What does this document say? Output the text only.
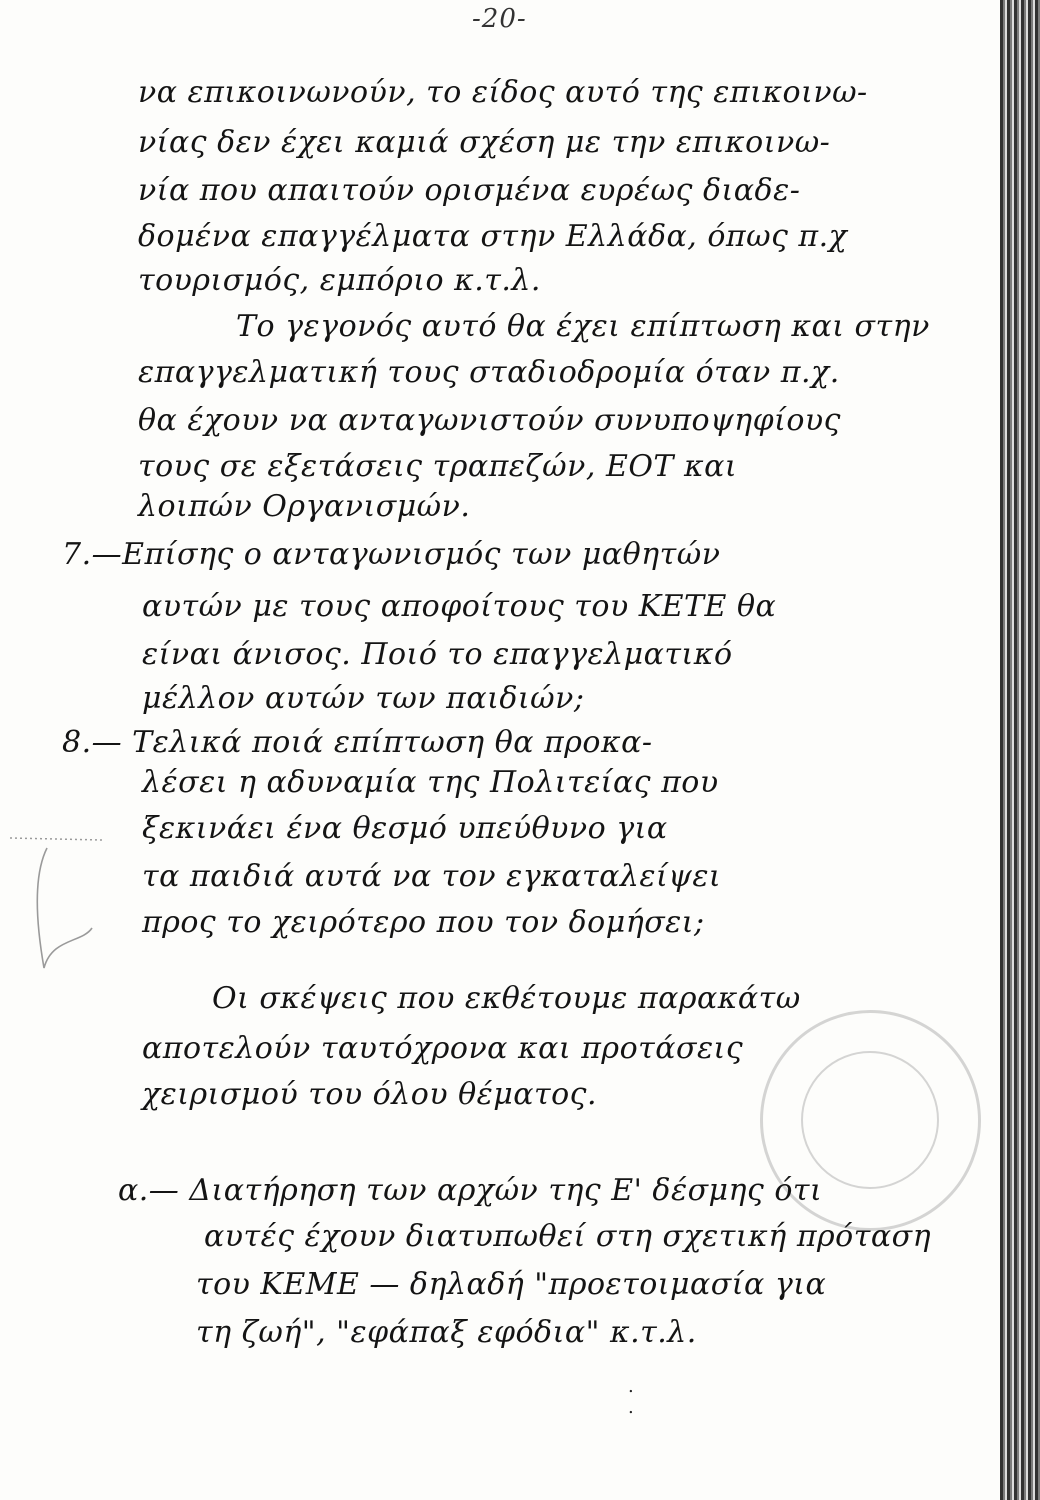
-20-
να επικοινωνούν, το είδος αυτό της επικοινω-
νίας δεν έχει καμιά σχέση με την επικοινω-
νία που απαιτούν ορισμένα ευρέως διαδε-
δομένα επαγγέλματα στην Ελλάδα, όπως π.χ
τουρισμός, εμπόριο κ.τ.λ.
Το γεγονός αυτό θα έχει επίπτωση και στην
επαγγελματική τους σταδιοδρομία όταν π.χ.
θα έχουν να ανταγωνιστούν συνυποψηφίους
τους σε εξετάσεις τραπεζών, ΕΟΤ και
λοιπών Οργανισμών.
7.—Επίσης ο ανταγωνισμός των μαθητών
αυτών με τους αποφοίτους του ΚΕΤΕ θα
είναι άνισος. Ποιό το επαγγελματικό
μέλλον αυτών των παιδιών;
8.— Τελικά ποιά επίπτωση θα προκα-
λέσει η αδυναμία της Πολιτείας που
ξεκινάει ένα θεσμό υπεύθυνο για
τα παιδιά αυτά να τον εγκαταλείψει
προς το χειρότερο που τον δομήσει;
Οι σκέψεις που εκθέτουμε παρακάτω
αποτελούν ταυτόχρονα και προτάσεις
χειρισμού του όλου θέματος.
α.— Διατήρηση των αρχών της Ε' δέσμης ότι
αυτές έχουν διατυπωθεί στη σχετική πρόταση
του ΚΕΜΕ — δηλαδή "προετοιμασία για
τη ζωή", "εφάπαξ εφόδια" κ.τ.λ.
.​
.
